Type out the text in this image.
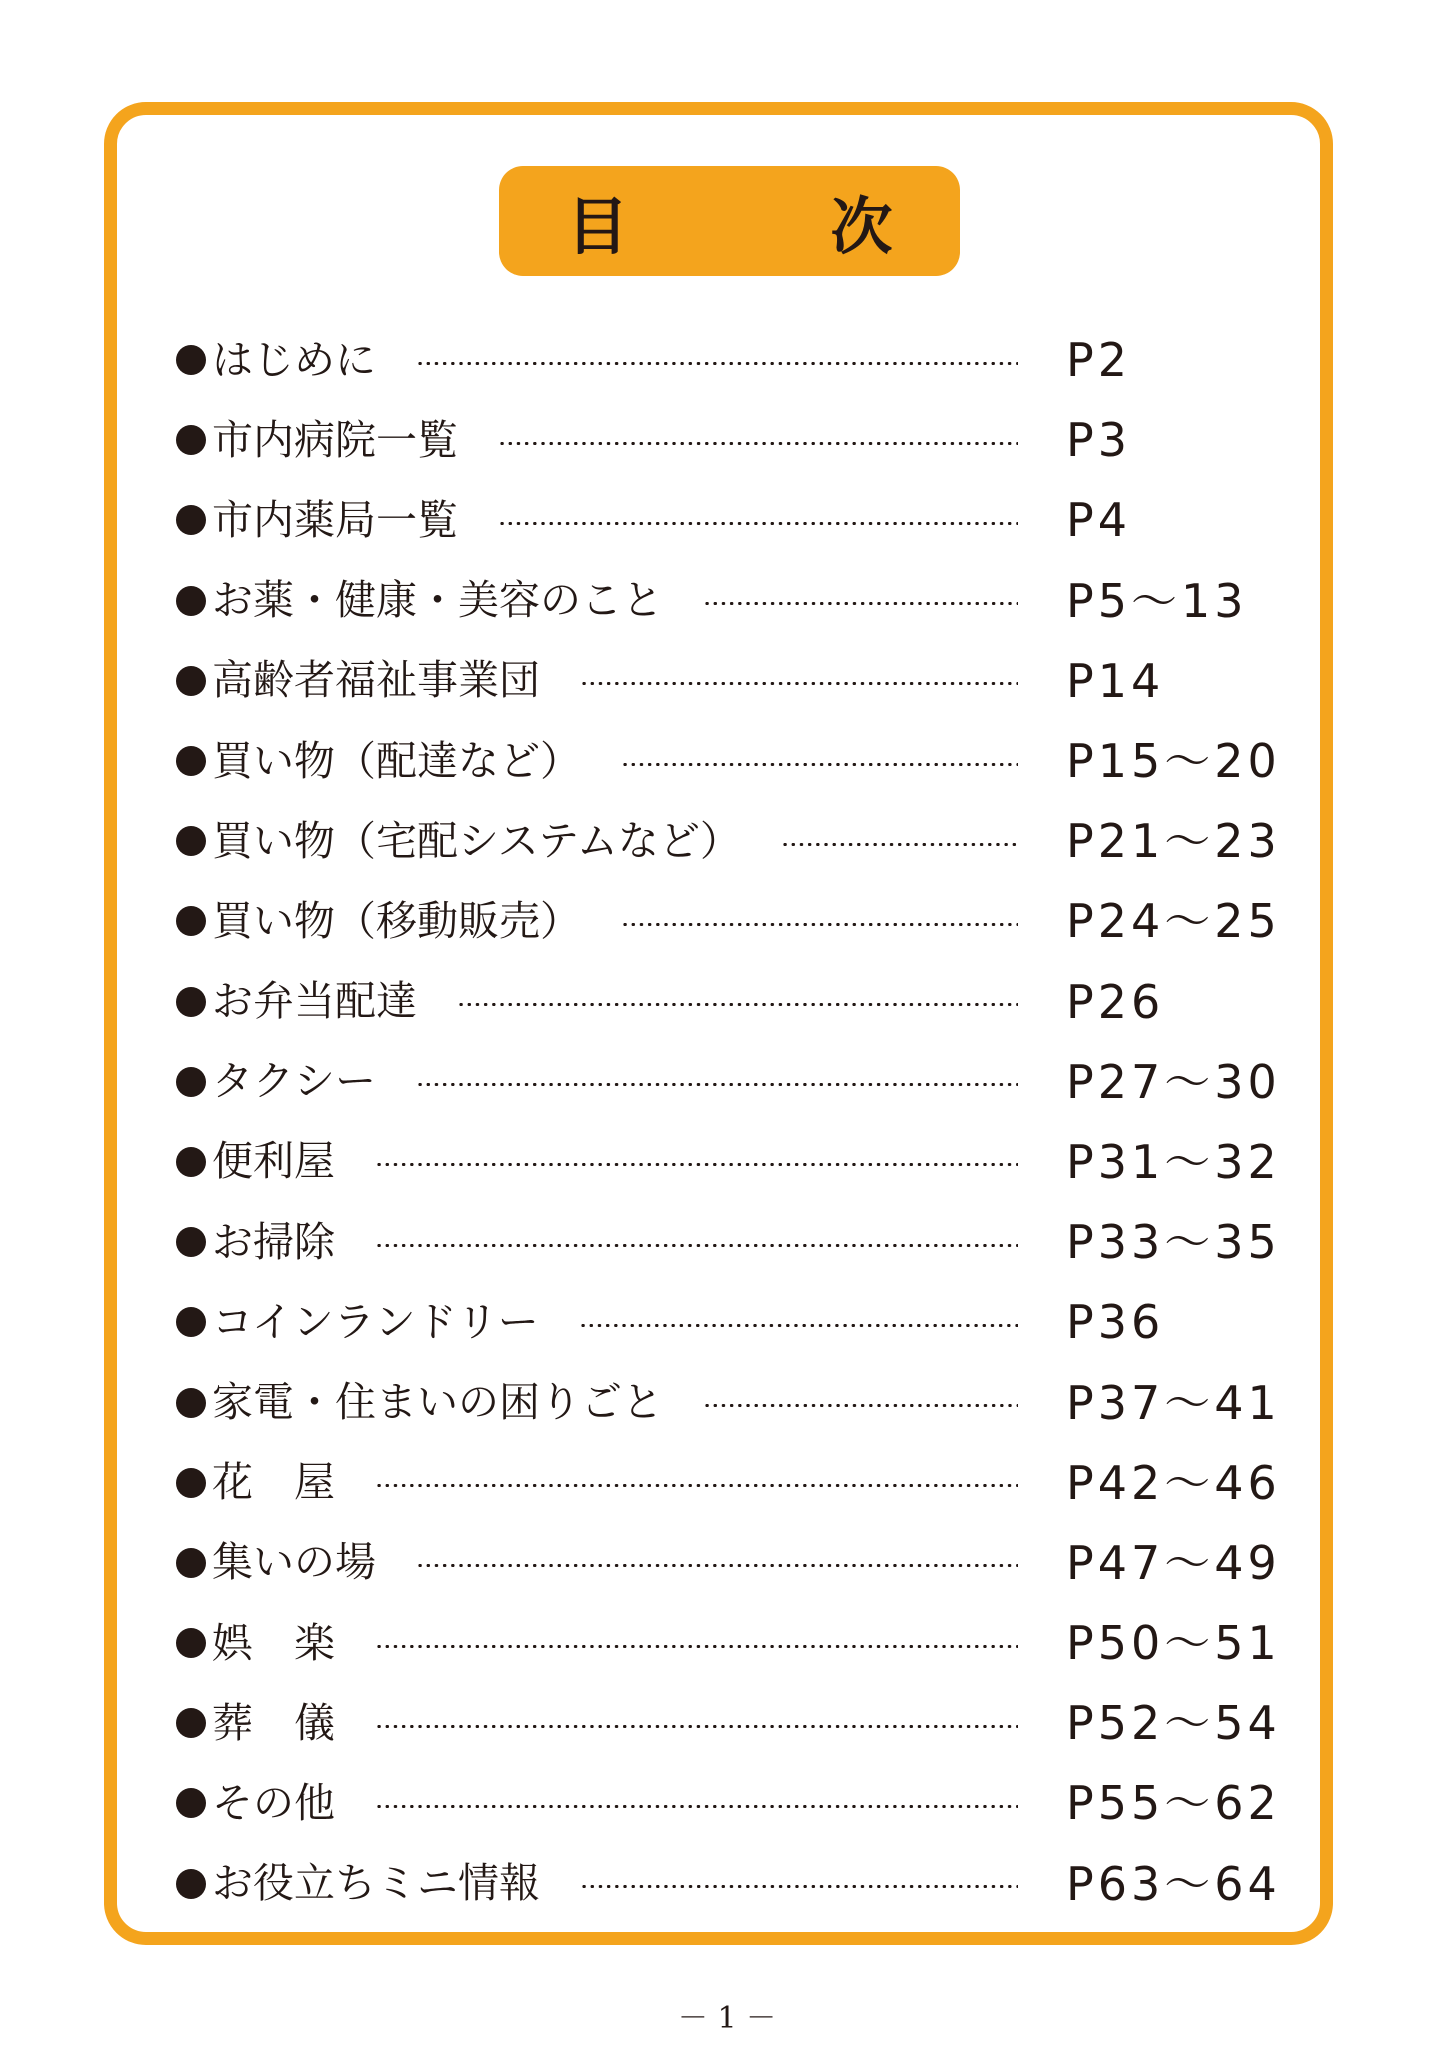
目　次
はじめに	P2
市内病院一覧	P3
市内薬局一覧	P4
お薬・健康・美容のこと	P5～13
高齢者福祉事業団	P14
買い物（配達など）	P15～20
買い物（宅配システムなど）	P21～23
買い物（移動販売）	P24～25
お弁当配達	P26
タクシー	P27～30
便利屋	P31～32
お掃除	P33～35
コインランドリー	P36
家電・住まいの困りごと	P37～41
花　屋	P42～46
集いの場	P47～49
娯　楽	P50～51
葬　儀	P52～54
その他	P55～62
お役立ちミニ情報	P63～64
－ 1 －
